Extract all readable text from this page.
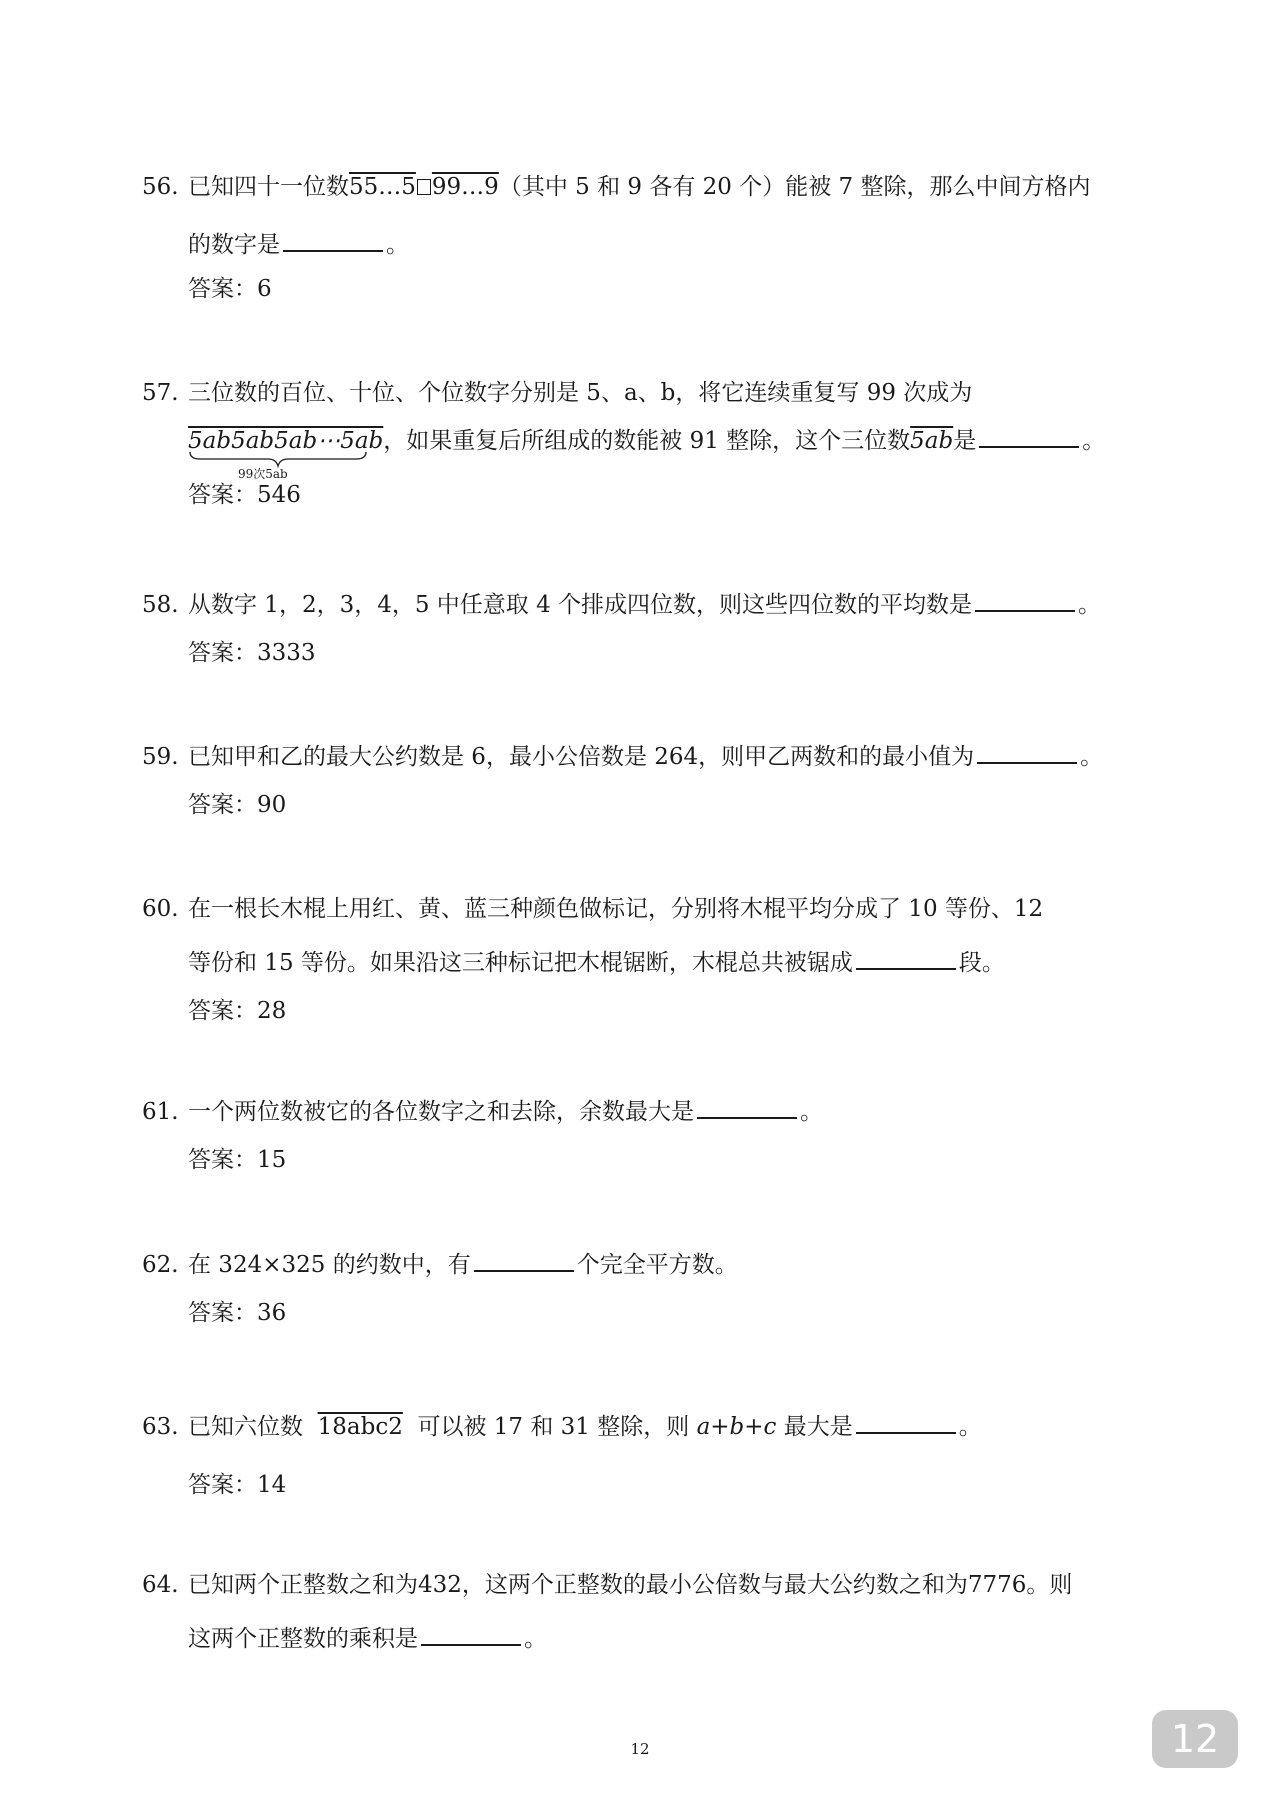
56. 已知四十一位数55…5 99…9（其中 5 和 9 各有 20 个）能被 7 整除，那么中间方格内
的数字是	。
答案：6
57. 三位数的百位、十位、个位数字分别是 5、a、b，将它连续重复写 99 次成为
5ab5ab5ab⋯5ab
99次5ab
，如果重复后所组成的数能被 91 整除，这个三位数5ab是	。
答案：546
58. 从数字 1，2，3，4，5 中任意取 4 个排成四位数，则这些四位数的平均数是	。
答案：3333
59. 已知甲和乙的最大公约数是 6，最小公倍数是 264，则甲乙两数和的最小值为	。
答案：90
60. 在一根长木棍上用红、黄、蓝三种颜色做标记，分别将木棍平均分成了 10 等份、12
等份和 15 等份。如果沿这三种标记把木棍锯断，木棍总共被锯成	段。
答案：28
61. 一个两位数被它的各位数字之和去除，余数最大是	。
答案：15
62. 在 324×325 的约数中，有	个完全平方数。
答案：36
63. 已知六位数 18abc2 可以被 17 和 31 整除，则 a+b+c 最大是	。
答案：14
64. 已知两个正整数之和为432，这两个正整数的最小公倍数与最大公约数之和为7776。则
这两个正整数的乘积是	。
12	12
